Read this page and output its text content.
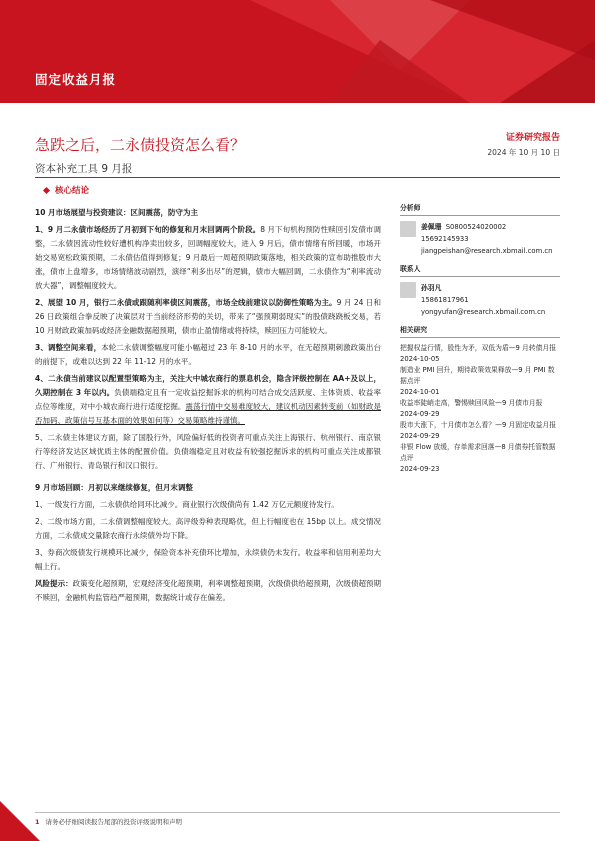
固定收益月报
急跌之后，二永债投资怎么看？
资本补充工具 9 月报
证券研究报告
2024 年 10 月 10 日
核心结论
10 月市场展望与投资建议：区间震荡，防守为主
1、9 月二永债市场经历了月初到下旬的修复和月末回调两个阶段。8 月下旬机构预防性赎回引发债市调整，二永债因流动性较好遭机构净卖出较多，回调幅度较大，进入 9 月后，债市情绪有所回暖，市场开始交易宽松政策预期，二永债估值得到修复；9 月最后一周超预期政策落地，相关政策的宣布助推股市大涨，债市上盘增多，市场情绪波动剧烈，演绎“利多出尽”的逻辑，债市大幅回调，二永债作为“利率流动放大器”，调整幅度较大。
2、展望 10 月，银行二永债或跟随利率债区间震荡，市场全线前建议以防御性策略为主。9 月 24 日和 26 日政策组合拳反映了决策层对于当前经济形势的关切，带来了“强预期弱现实”的股债跷跷板交易，若 10 月财政政策加码或经济金融数据超预期，债市止盈情绪或将持续，赎回压力可能较大。
3、调整空间来看，本轮二永债调整幅度可能小幅超过 23 年 8-10 月的水平，在无超预期刺激政策出台的前提下，或难以达到 22 年 11-12 月的水平。
4、二永债当前建议以配置型策略为主，关注大中城农商行的票息机会，隐含评级控制在 AA+及以上，久期控制在 3 年以内。负债端稳定且有一定收益挖掘诉求的机构可结合成交活跃度、主体资质、收益率点位等维度，对中小城农商行进行适度挖掘。震荡行情中交易难度较大，建议机动因素转变前（如财政是否加码、政策信号互基本面的效果如何等）交易策略维持谨慎。
5、二永债主体建议方面，除了国股行外，风险偏好低的投资者可重点关注上海银行、杭州银行、南京银行等经济发达区域优质主体的配置价值。负债端稳定且对收益有较强挖掘诉求的机构可重点关注成都银行、广州银行、青岛银行和汉口银行。
9 月市场回顾：月初以来继续修复，但月末调整
1、一级发行方面，二永债供给同环比减少。商业银行次级债尚有 1.42 万亿元额度待发行。
2、二级市场方面，二永债调整幅度较大。高评级券种表现略优，但上行幅度也在 15bp 以上。成交情况方面，二永债成交量除农商行永续债外均下降。
3、券商次级债发行规模环比减少，保险资本补充债环比增加，永续债仍未发行。收益率和信用利差均大幅上行。
风险提示：政策变化超预期，宏观经济变化超预期，利率调整超预期，次级债供给超预期，次级债超预期不赎回，金融机构监管趋严超预期，数据统计或存在偏差。
分析师
姜佩珊 S0800524020002
15692145933
jiangpeishan@research.xbmail.com.cn
联系人
孙羽凡
15861817961
yongyufan@research.xbmail.com.cn
相关研究
把握权益行情，股性为矛，双低为盾—9 月转债月报
2024-10-05
制造业 PMI 回升，期待政策效果释放—9 月 PMI 数据点评
2024-10-01
收益率陡峭走高，警惕赎回风险—9 月债市月报
2024-09-29
股市大涨下，十月债市怎么看？—9 月固定收益月报
2024-09-29
非银 Flow 放缓，存单需求回落—8 月债券托管数据点评
2024-09-23
1 请务必仔细阅读报告尾部的投资评级说明和声明
